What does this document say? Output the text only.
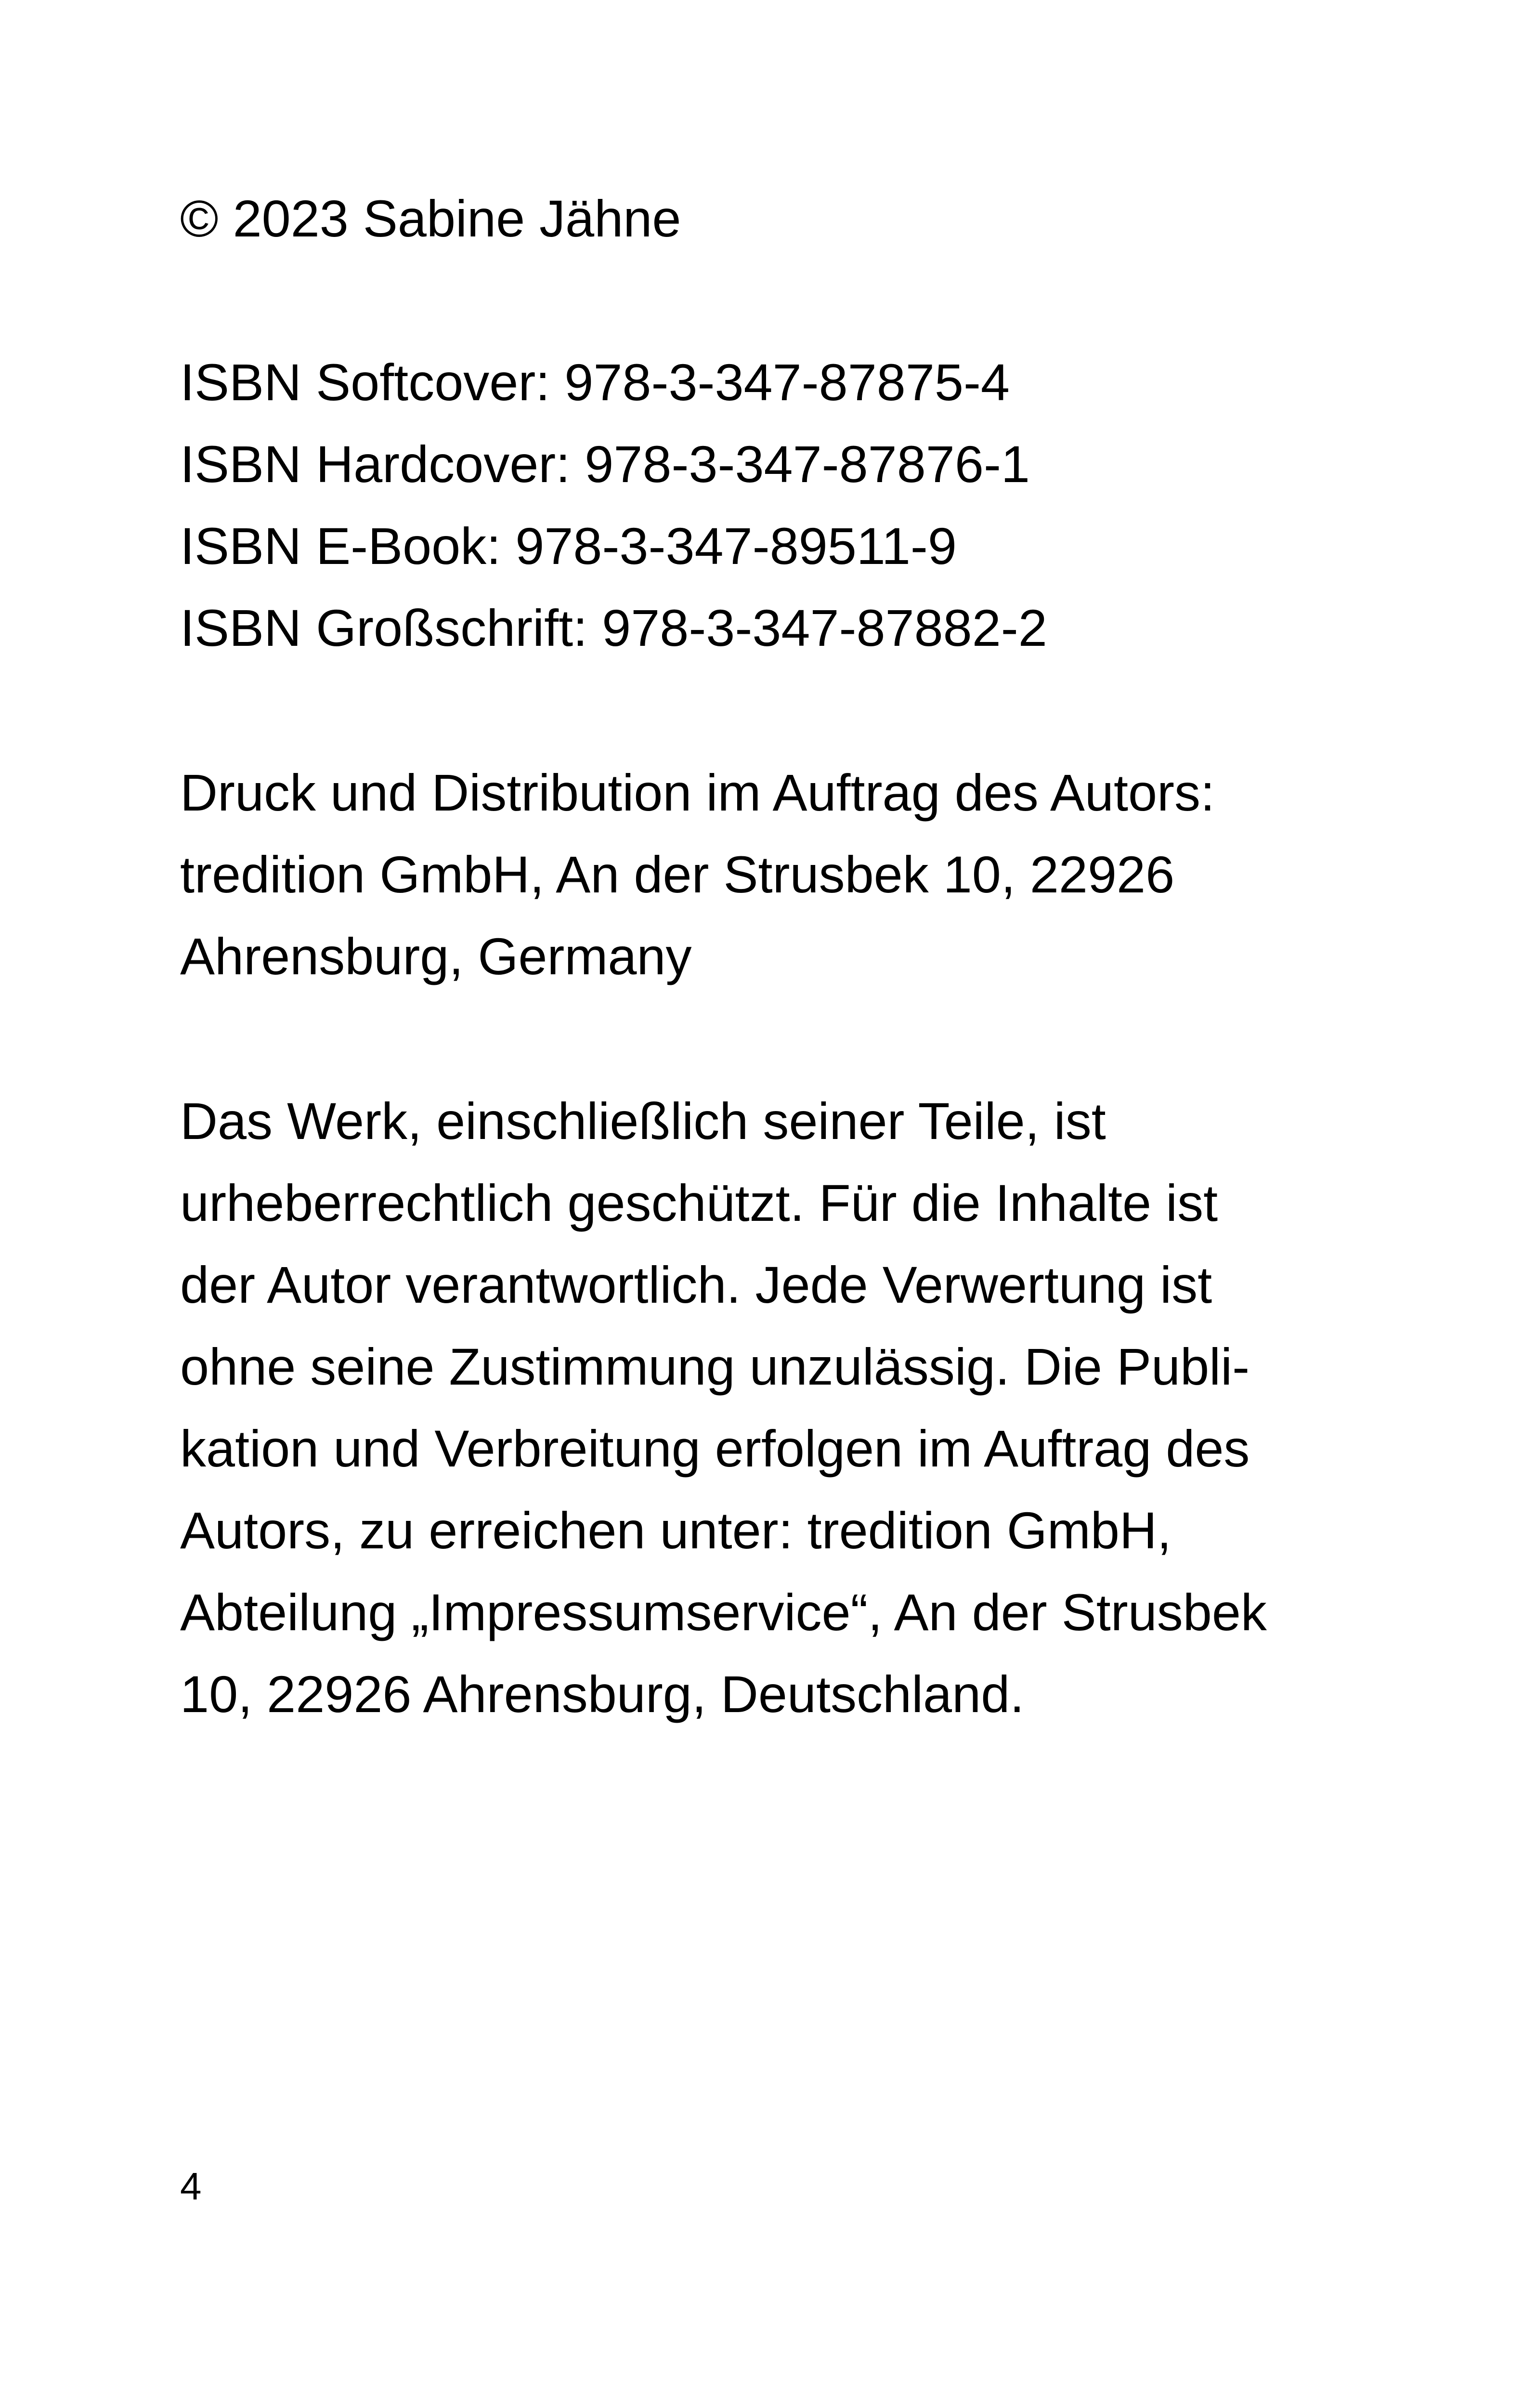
© 2023 Sabine Jähne

ISBN Softcover: 978-3-347-87875-4

ISBN Hardcover: 978-3-347-87876-1

ISBN E-Book: 978-3-347-89511-9

ISBN Großschrift: 978-3-347-87882-2

Druck und Distribution im Auftrag des Autors:

tredition GmbH, An der Strusbek 10, 22926

Ahrensburg, Germany

Das Werk, einschließlich seiner Teile, ist

urheberrechtlich geschützt. Für die Inhalte ist

der Autor verantwortlich. Jede Verwertung ist

ohne seine Zustimmung unzulässig. Die Publi-

kation und Verbreitung erfolgen im Auftrag des

Autors, zu erreichen unter: tredition GmbH,

Abteilung „Impressumservice“, An der Strusbek

10, 22926 Ahrensburg, Deutschland.

4
